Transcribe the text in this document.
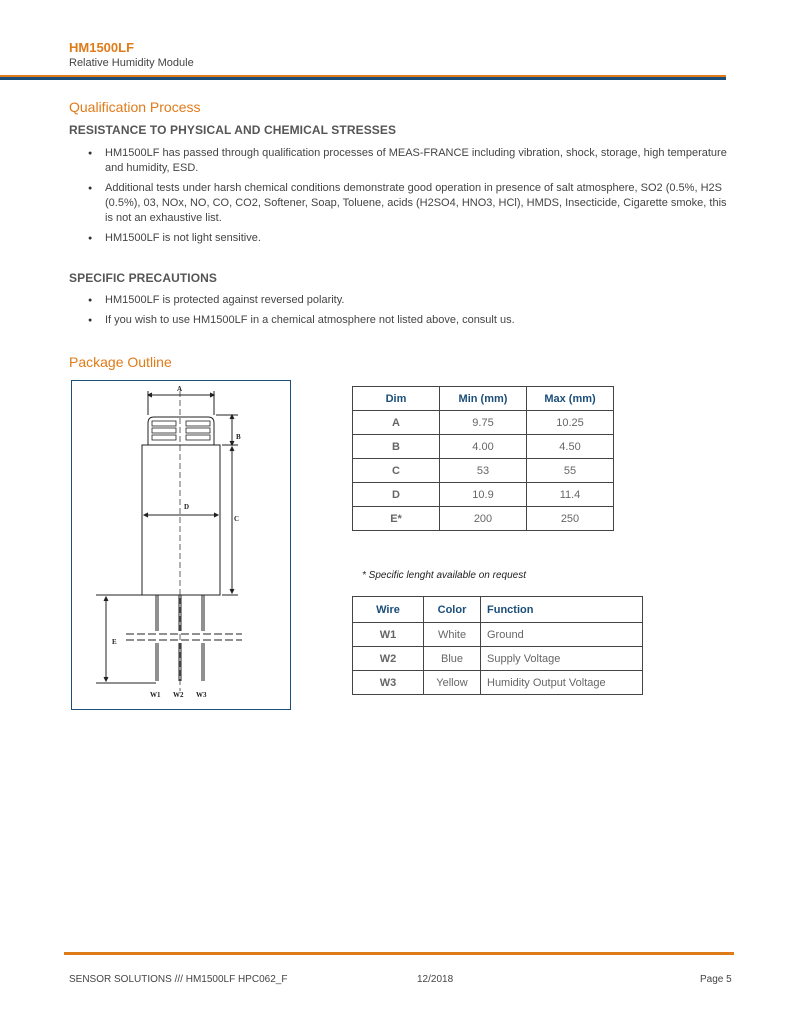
HM1500LF
Relative Humidity Module
Qualification Process
RESISTANCE TO PHYSICAL AND CHEMICAL STRESSES
● HM1500LF has passed through qualification processes of MEAS-FRANCE including vibration, shock, storage, high temperature and humidity, ESD.
● Additional tests under harsh chemical conditions demonstrate good operation in presence of salt atmosphere, SO2 (0.5%, H2S (0.5%), 03, NOx, NO, CO, CO2, Softener, Soap, Toluene, acids (H2SO4, HNO3, HCl), HMDS, Insecticide, Cigarette smoke, this is not an exhaustive list.
● HM1500LF is not light sensitive.
SPECIFIC PRECAUTIONS
● HM1500LF is protected against reversed polarity.
● If you wish to use HM1500LF in a chemical atmosphere not listed above, consult us.
Package Outline
A
B
C
D
E
W1 W2 W3
Dim	Min (mm)	Max (mm)
A	9.75	10.25
B	4.00	4.50
C	53	55
D	10.9	11.4
E*	200	250
* Specific lenght available on request
Wire	Color	Function
W1	White	Ground
W2	Blue	Supply Voltage
W3	Yellow	Humidity Output Voltage
SENSOR SOLUTIONS /// HM1500LF HPC062_F	12/2018	Page 5
